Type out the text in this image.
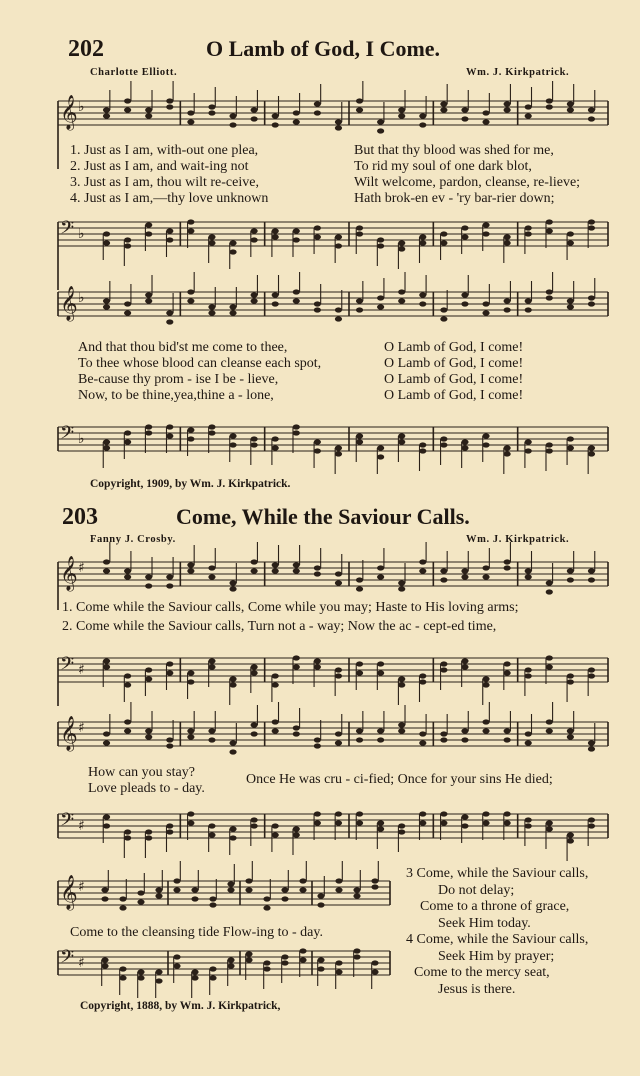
202	O Lamb of God, I Come.
Charlotte Elliott.	Wm. J. Kirkpatrick.
𝄞 ♭
𝄢 ♭
1. Just as I am, with-out one plea,	But that thy blood was shed for me,
2. Just as I am, and wait-ing not	To rid my soul of one dark blot,
3. Just as I am, thou wilt re-ceive,	Wilt welcome, pardon, cleanse, re-lieve;
4. Just as I am,—thy love unknown	Hath brok-en ev - 'ry bar-rier down;
𝄞 ♭
𝄢 ♭
And that thou bid'st me come to thee,	O Lamb of God, I come!
To thee whose blood can cleanse each spot,	O Lamb of God, I come!
Be-cause thy prom - ise I be - lieve,	O Lamb of God, I come!
Now, to be thine,yea,thine a - lone,	O Lamb of God, I come!
Copyright, 1909, by Wm. J. Kirkpatrick.
203	Come, While the Saviour Calls.
Fanny J. Crosby.	Wm. J. Kirkpatrick.
𝄞 ♯
𝄢 ♯
1. Come while the Saviour calls, Come while you may; Haste to His loving arms;
2. Come while the Saviour calls, Turn not a - way; Now the ac - cept-ed time,
𝄞 ♯
𝄢 ♯
How can you stay?
Love pleads to - day.
Once He was cru - ci-fied; Once for your sins He died;
𝄞 ♯
𝄢 ♯
Come to the cleansing tide Flow-ing to - day.
3 Come, while the Saviour calls,
Do not delay;
Come to a throne of grace,
Seek Him today.
4 Come, while the Saviour calls,
Seek Him by prayer;
Come to the mercy seat,
Jesus is there.
Copyright, 1888, by Wm. J. Kirkpatrick,
